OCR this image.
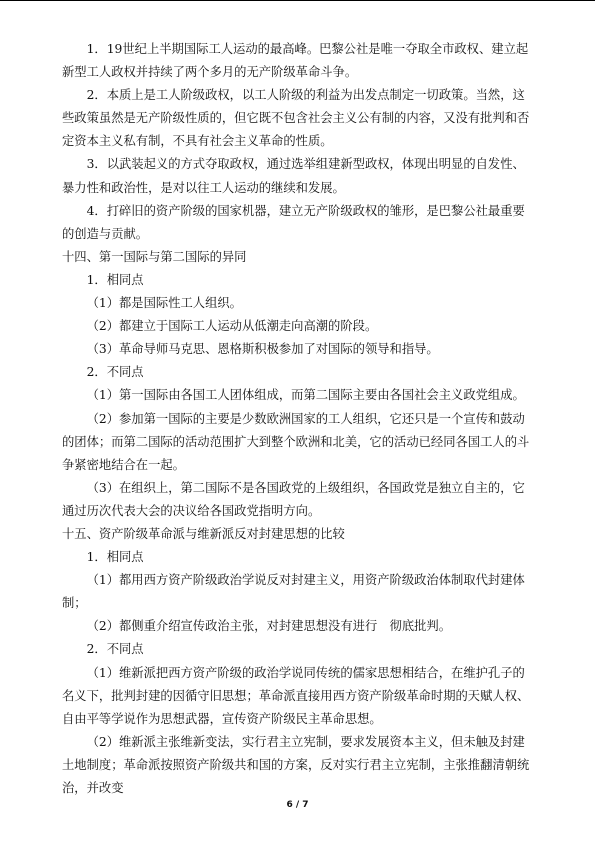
1．19世纪上半期国际工人运动的最高峰。巴黎公社是唯一夺取全市政权、建立起新型工人政权并持续了两个多月的无产阶级革命斗争。

2．本质上是工人阶级政权，以工人阶级的利益为出发点制定一切政策。当然，这些政策虽然是无产阶级性质的，但它既不包含社会主义公有制的内容，又没有批判和否定资本主义私有制，不具有社会主义革命的性质。

3．以武装起义的方式夺取政权，通过选举组建新型政权，体现出明显的自发性、暴力性和政治性，是对以往工人运动的继续和发展。

4．打碎旧的资产阶级的国家机器，建立无产阶级政权的雏形，是巴黎公社最重要的创造与贡献。

十四、第一国际与第二国际的异同

1．相同点

（1）都是国际性工人组织。

（2）都建立于国际工人运动从低潮走向高潮的阶段。

（3）革命导师马克思、恩格斯积极参加了对国际的领导和指导。

2．不同点

（1）第一国际由各国工人团体组成，而第二国际主要由各国社会主义政党组成。

（2）参加第一国际的主要是少数欧洲国家的工人组织，它还只是一个宣传和鼓动的团体；而第二国际的活动范围扩大到整个欧洲和北美，它的活动已经同各国工人的斗争紧密地结合在一起。

（3）在组织上，第二国际不是各国政党的上级组织，各国政党是独立自主的，它通过历次代表大会的决议给各国政党指明方向。

十五、资产阶级革命派与维新派反对封建思想的比较

1．相同点

（1）都用西方资产阶级政治学说反对封建主义，用资产阶级政治体制取代封建体制；

（2）都侧重介绍宣传政治主张，对封建思想没有进行　彻底批判。

2．不同点

（1）维新派把西方资产阶级的政治学说同传统的儒家思想相结合，在维护孔子的名义下，批判封建的因循守旧思想；革命派直接用西方资产阶级革命时期的天赋人权、自由平等学说作为思想武器，宣传资产阶级民主革命思想。

（2）维新派主张维新变法，实行君主立宪制，要求发展资本主义，但未触及封建土地制度；革命派按照资产阶级共和国的方案，反对实行君主立宪制，主张推翻清朝统治，并改变

6 / 7
